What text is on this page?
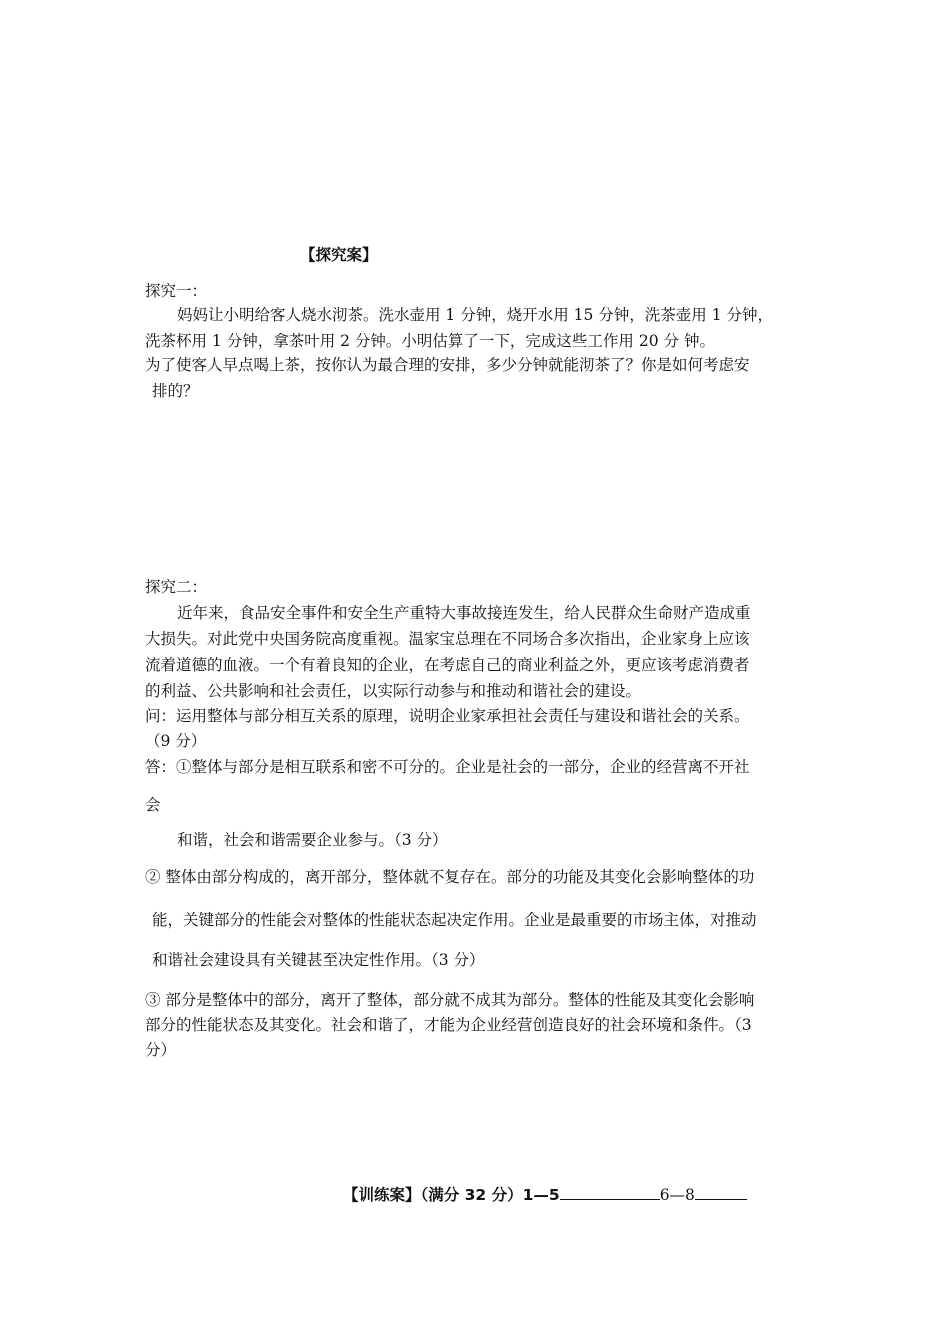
【探究案】
探究一：
妈妈让小明给客人烧水沏茶。洗水壶用 1 分钟，烧开水用 15 分钟，洗茶壶用 1 分钟，
洗茶杯用 1 分钟，拿茶叶用 2 分钟。小明估算了一下，完成这些工作用 20 分 钟。
为了使客人早点喝上茶，按你认为最合理的安排，多少分钟就能沏茶了？你是如何考虑安
排的？
探究二：
近年来，食品安全事件和安全生产重特大事故接连发生，给人民群众生命财产造成重
大损失。对此党中央国务院高度重视。温家宝总理在不同场合多次指出，企业家身上应该
流着道德的血液。一个有着良知的企业，在考虑自己的商业利益之外，更应该考虑消费者
的利益、公共影响和社会责任，以实际行动参与和推动和谐社会的建设。
问：运用整体与部分相互关系的原理，说明企业家承担社会责任与建设和谐社会的关系。
（9 分）
答：①整体与部分是相互联系和密不可分的。企业是社会的一部分，企业的经营离不开社
会
和谐，社会和谐需要企业参与。（3 分）
② 整体由部分构成的，离开部分，整体就不复存在。部分的功能及其变化会影响整体的功
能，关键部分的性能会对整体的性能状态起决定作用。企业是最重要的市场主体，对推动
和谐社会建设具有关键甚至决定性作用。（3 分）
③ 部分是整体中的部分，离开了整体，部分就不成其为部分。整体的性能及其变化会影响
部分的性能状态及其变化。社会和谐了，才能为企业经营创造良好的社会环境和条件。（3
分）
【训练案】（满分 32 分）1—5	6—8
